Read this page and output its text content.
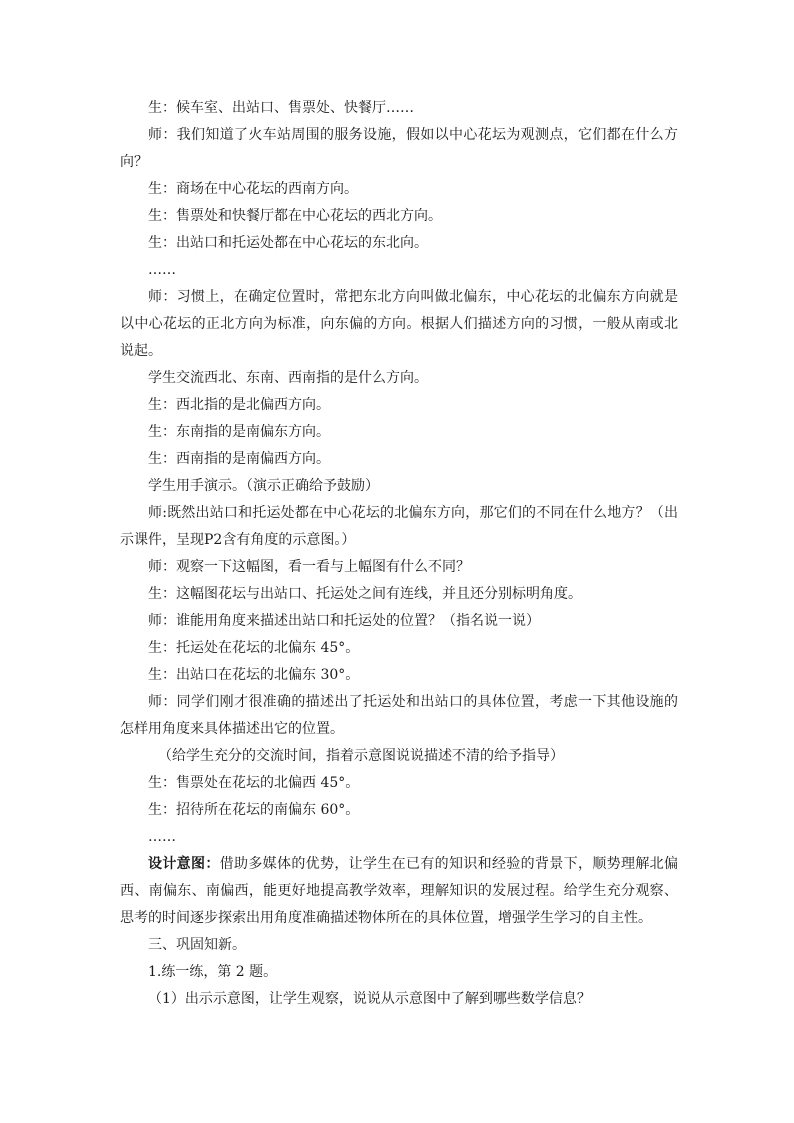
生：候车室、出站口、售票处、快餐厅……

师：我们知道了火车站周围的服务设施，假如以中心花坛为观测点，它们都在什么方向？

生：商场在中心花坛的西南方向。

生：售票处和快餐厅都在中心花坛的西北方向。

生：出站口和托运处都在中心花坛的东北向。

……

师：习惯上，在确定位置时，常把东北方向叫做北偏东，中心花坛的北偏东方向就是以中心花坛的正北方向为标准，向东偏的方向。根据人们描述方向的习惯，一般从南或北说起。

学生交流西北、东南、西南指的是什么方向。

生：西北指的是北偏西方向。

生：东南指的是南偏东方向。

生：西南指的是南偏西方向。

学生用手演示。（演示正确给予鼓励）

师:既然出站口和托运处都在中心花坛的北偏东方向，那它们的不同在什么地方？（出示课件，呈现P2含有角度的示意图。）

师：观察一下这幅图，看一看与上幅图有什么不同？

生：这幅图花坛与出站口、托运处之间有连线，并且还分别标明角度。

师：谁能用角度来描述出站口和托运处的位置？（指名说一说）

生：托运处在花坛的北偏东 45°。

生：出站口在花坛的北偏东 30°。

师：同学们刚才很准确的描述出了托运处和出站口的具体位置，考虑一下其他设施的怎样用角度来具体描述出它的位置。

（给学生充分的交流时间，指着示意图说说描述不清的给予指导）

生：售票处在花坛的北偏西 45°。

生：招待所在花坛的南偏东 60°。

……

设计意图：借助多媒体的优势，让学生在已有的知识和经验的背景下，顺势理解北偏西、南偏东、南偏西，能更好地提高教学效率，理解知识的发展过程。给学生充分观察、思考的时间逐步探索出用角度准确描述物体所在的具体位置，增强学生学习的自主性。

三、巩固知新。

1.练一练，第 2 题。

（1）出示示意图，让学生观察，说说从示意图中了解到哪些数学信息？
